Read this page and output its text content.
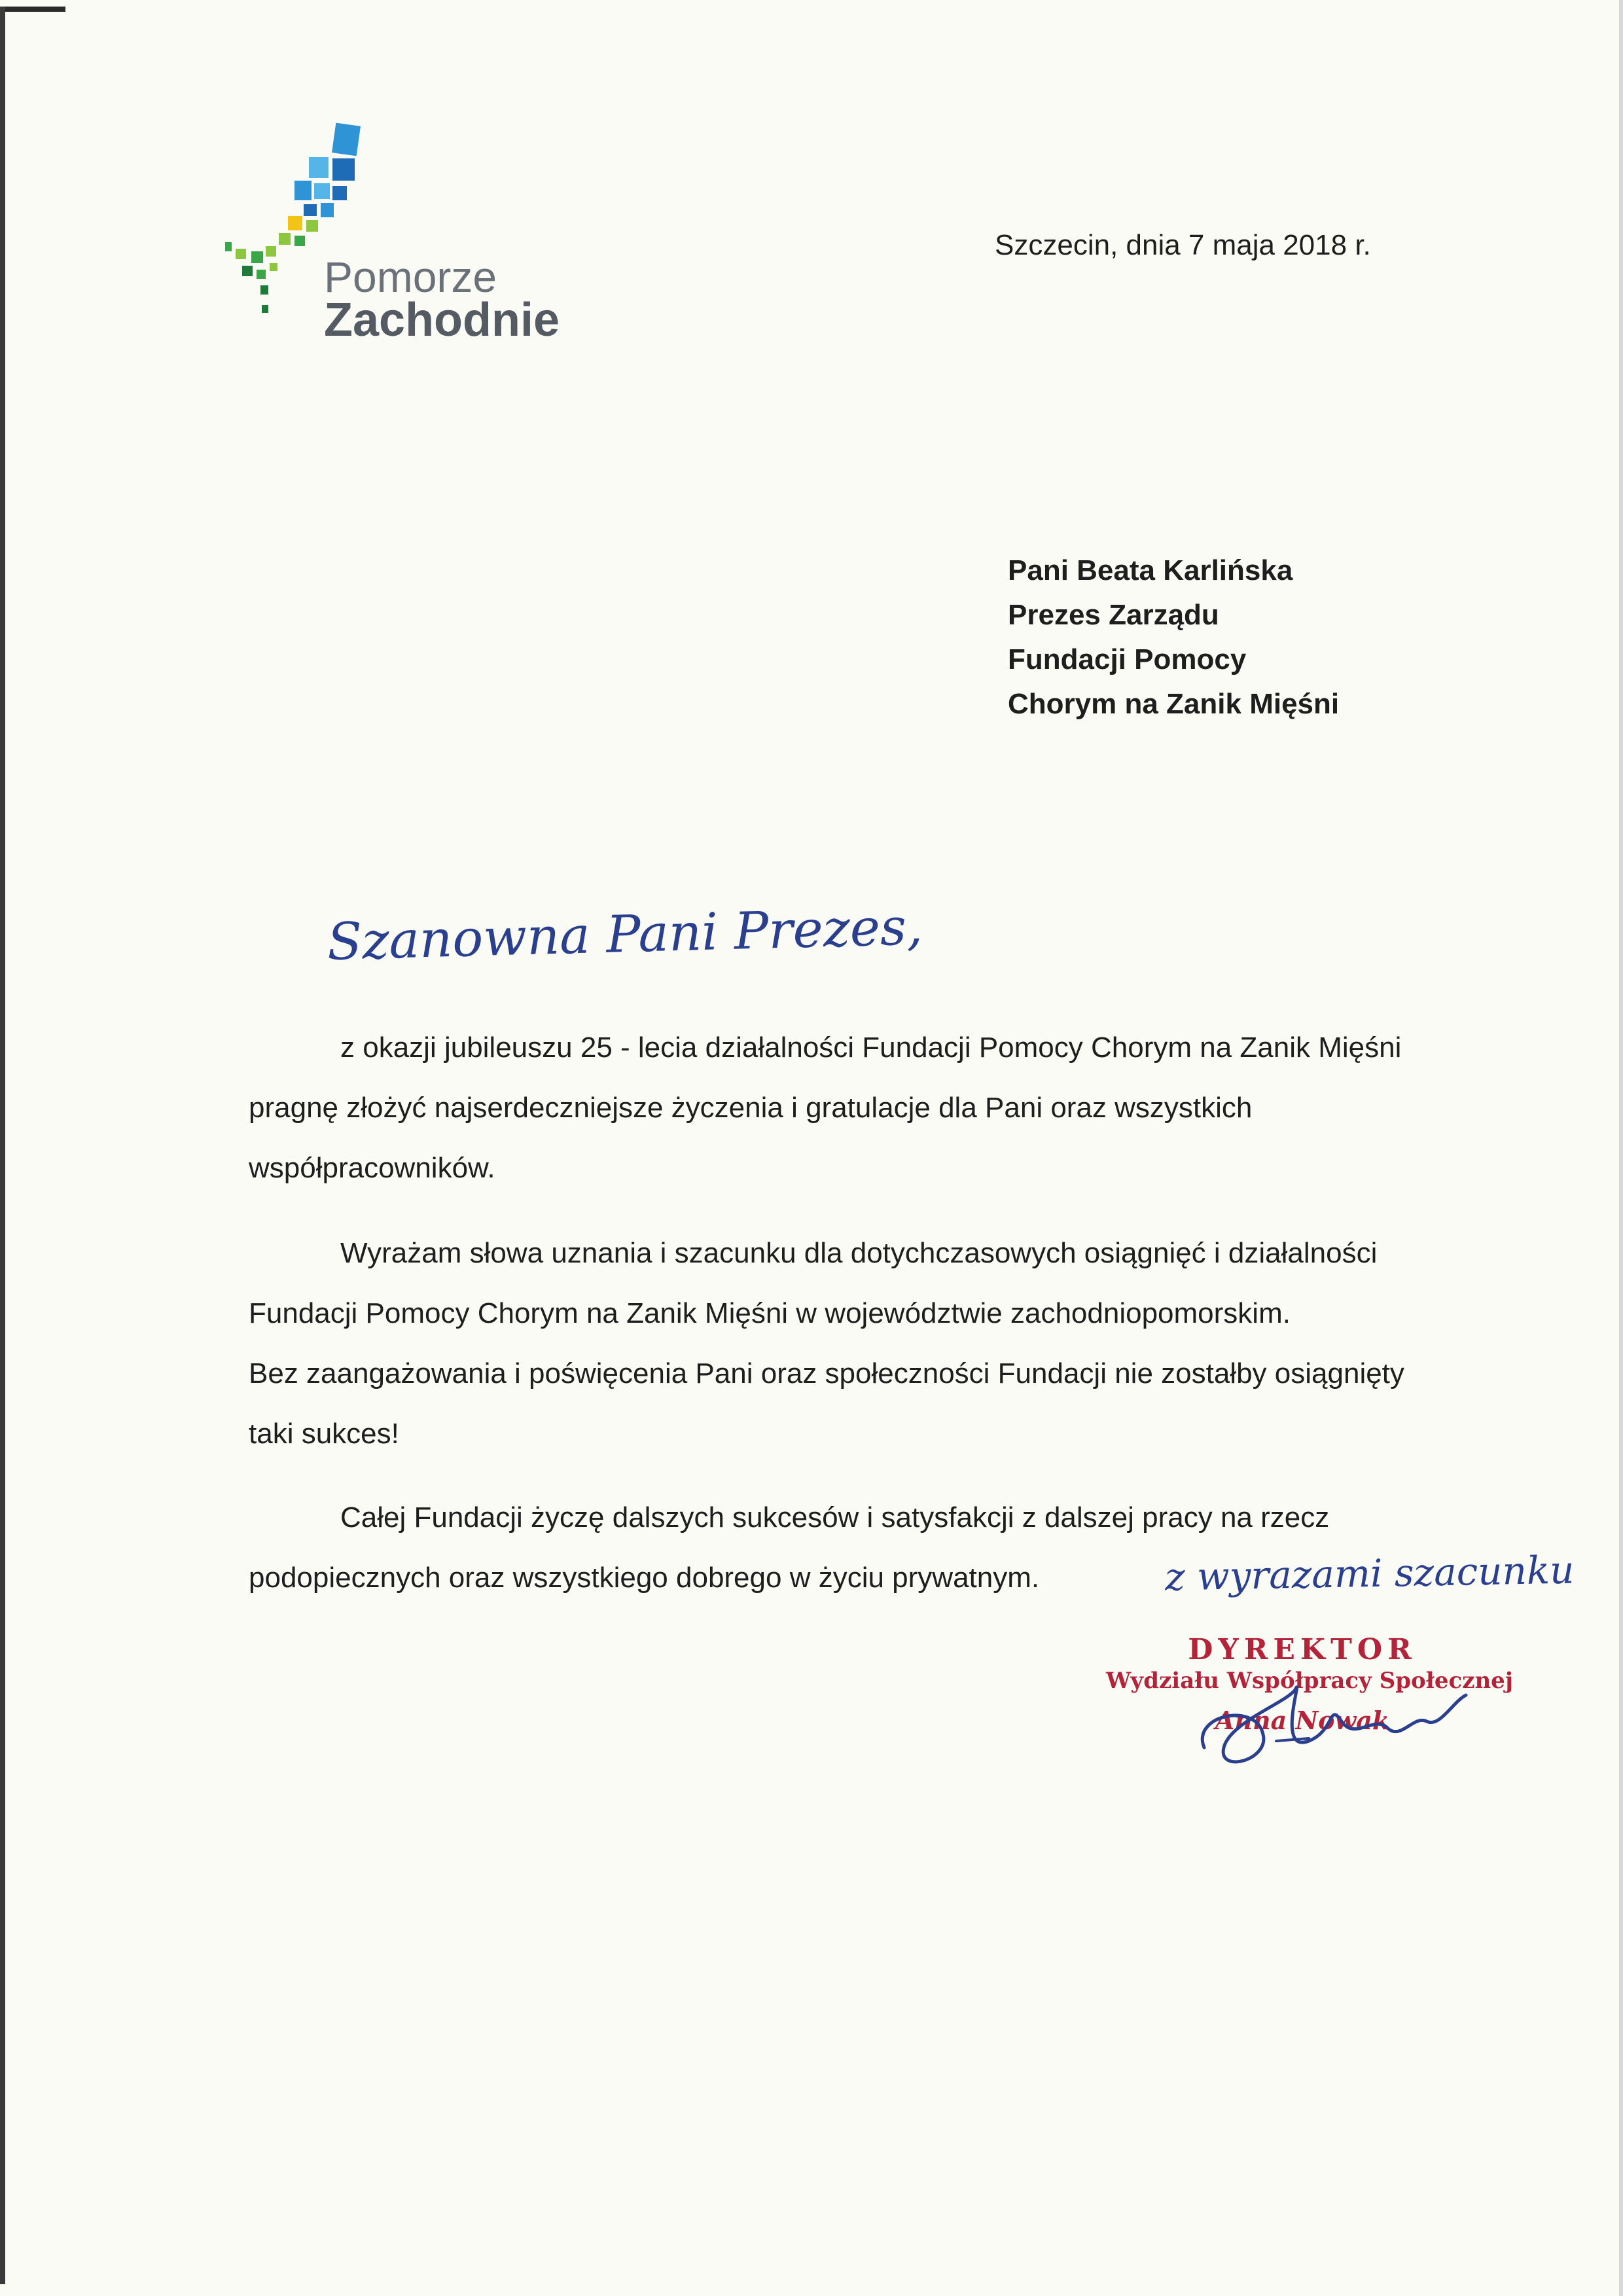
Pomorze
Zachodnie
Szczecin, dnia 7 maja 2018 r.
Pani Beata Karlińska
Prezes Zarządu
Fundacji Pomocy
Chorym na Zanik Mięśni
Szanowna Pani Prezes,
z okazji jubileuszu 25 - lecia działalności Fundacji Pomocy Chorym na Zanik Mięśni
pragnę złożyć najserdeczniejsze życzenia i gratulacje dla Pani oraz wszystkich
współpracowników.
Wyrażam słowa uznania i szacunku dla dotychczasowych osiągnięć i działalności
Fundacji Pomocy Chorym na Zanik Mięśni w województwie zachodniopomorskim.
Bez zaangażowania i poświęcenia Pani oraz społeczności Fundacji nie zostałby osiągnięty
taki sukces!
Całej Fundacji życzę dalszych sukcesów i satysfakcji z dalszej pracy na rzecz
podopiecznych oraz wszystkiego dobrego w życiu prywatnym.	z wyrazami szacunku
DYREKTOR
Wydziału Współpracy Społecznej
Anna Nowak
